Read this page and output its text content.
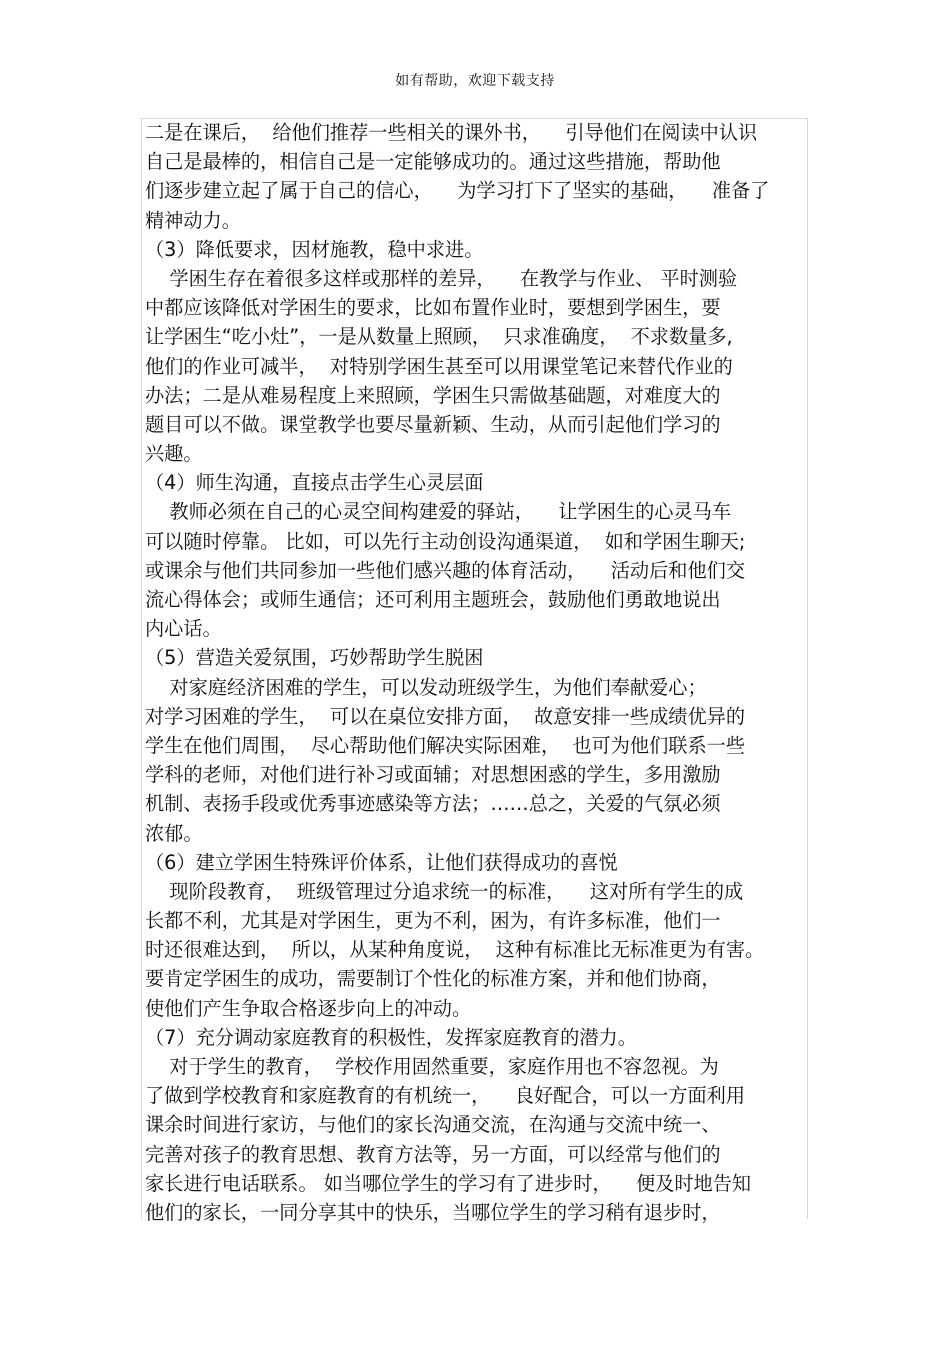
如有帮助，欢迎下载支持
二是在课后，  给他们推荐一些相关的课外书，    引导他们在阅读中认识
自己是最棒的，相信自己是一定能够成功的。通过这些措施，帮助他
们逐步建立起了属于自己的信心，    为学习打下了坚实的基础，    准备了
精神动力。
（3）降低要求，因材施教，稳中求进。
学困生存在着很多这样或那样的差异，    在教学与作业、 平时测验
中都应该降低对学困生的要求，比如布置作业时，要想到学困生，要
让学困生“吃小灶”，一是从数量上照顾，  只求准确度，  不求数量多,
他们的作业可减半，  对特别学困生甚至可以用课堂笔记来替代作业的
办法；二是从难易程度上来照顾，学困生只需做基础题，对难度大的
题目可以不做。课堂教学也要尽量新颖、生动，从而引起他们学习的
兴趣。
（4）师生沟通，直接点击学生心灵层面
教师必须在自己的心灵空间构建爱的驿站，    让学困生的心灵马车
可以随时停靠。 比如，可以先行主动创设沟通渠道，  如和学困生聊天;
或课余与他们共同参加一些他们感兴趣的体育活动，    活动后和他们交
流心得体会；或师生通信；还可利用主题班会，鼓励他们勇敢地说出
内心话。
（5）营造关爱氛围，巧妙帮助学生脱困
对家庭经济困难的学生，可以发动班级学生，为他们奉献爱心；
对学习困难的学生，  可以在桌位安排方面，  故意安排一些成绩优异的
学生在他们周围，  尽心帮助他们解决实际困难，  也可为他们联系一些
学科的老师，对他们进行补习或面辅；对思想困惑的学生，多用激励
机制、表扬手段或优秀事迹感染等方法；……总之，关爱的气氛必须
浓郁。
（6）建立学困生特殊评价体系，让他们获得成功的喜悦
现阶段教育，  班级管理过分追求统一的标准，    这对所有学生的成
长都不利，尤其是对学困生，更为不利，困为，有许多标准，他们一
时还很难达到，  所以，从某种角度说，  这种有标准比无标准更为有害。
要肯定学困生的成功，需要制订个性化的标准方案，并和他们协商，
使他们产生争取合格逐步向上的冲动。
（7）充分调动家庭教育的积极性，发挥家庭教育的潜力。
对于学生的教育，  学校作用固然重要，家庭作用也不容忽视。为
了做到学校教育和家庭教育的有机统一，    良好配合，可以一方面利用
课余时间进行家访，与他们的家长沟通交流，在沟通与交流中统一、
完善对孩子的教育思想、教育方法等，另一方面，可以经常与他们的
家长进行电话联系。 如当哪位学生的学习有了进步时，    便及时地告知
他们的家长，一同分享其中的快乐，当哪位学生的学习稍有退步时，
